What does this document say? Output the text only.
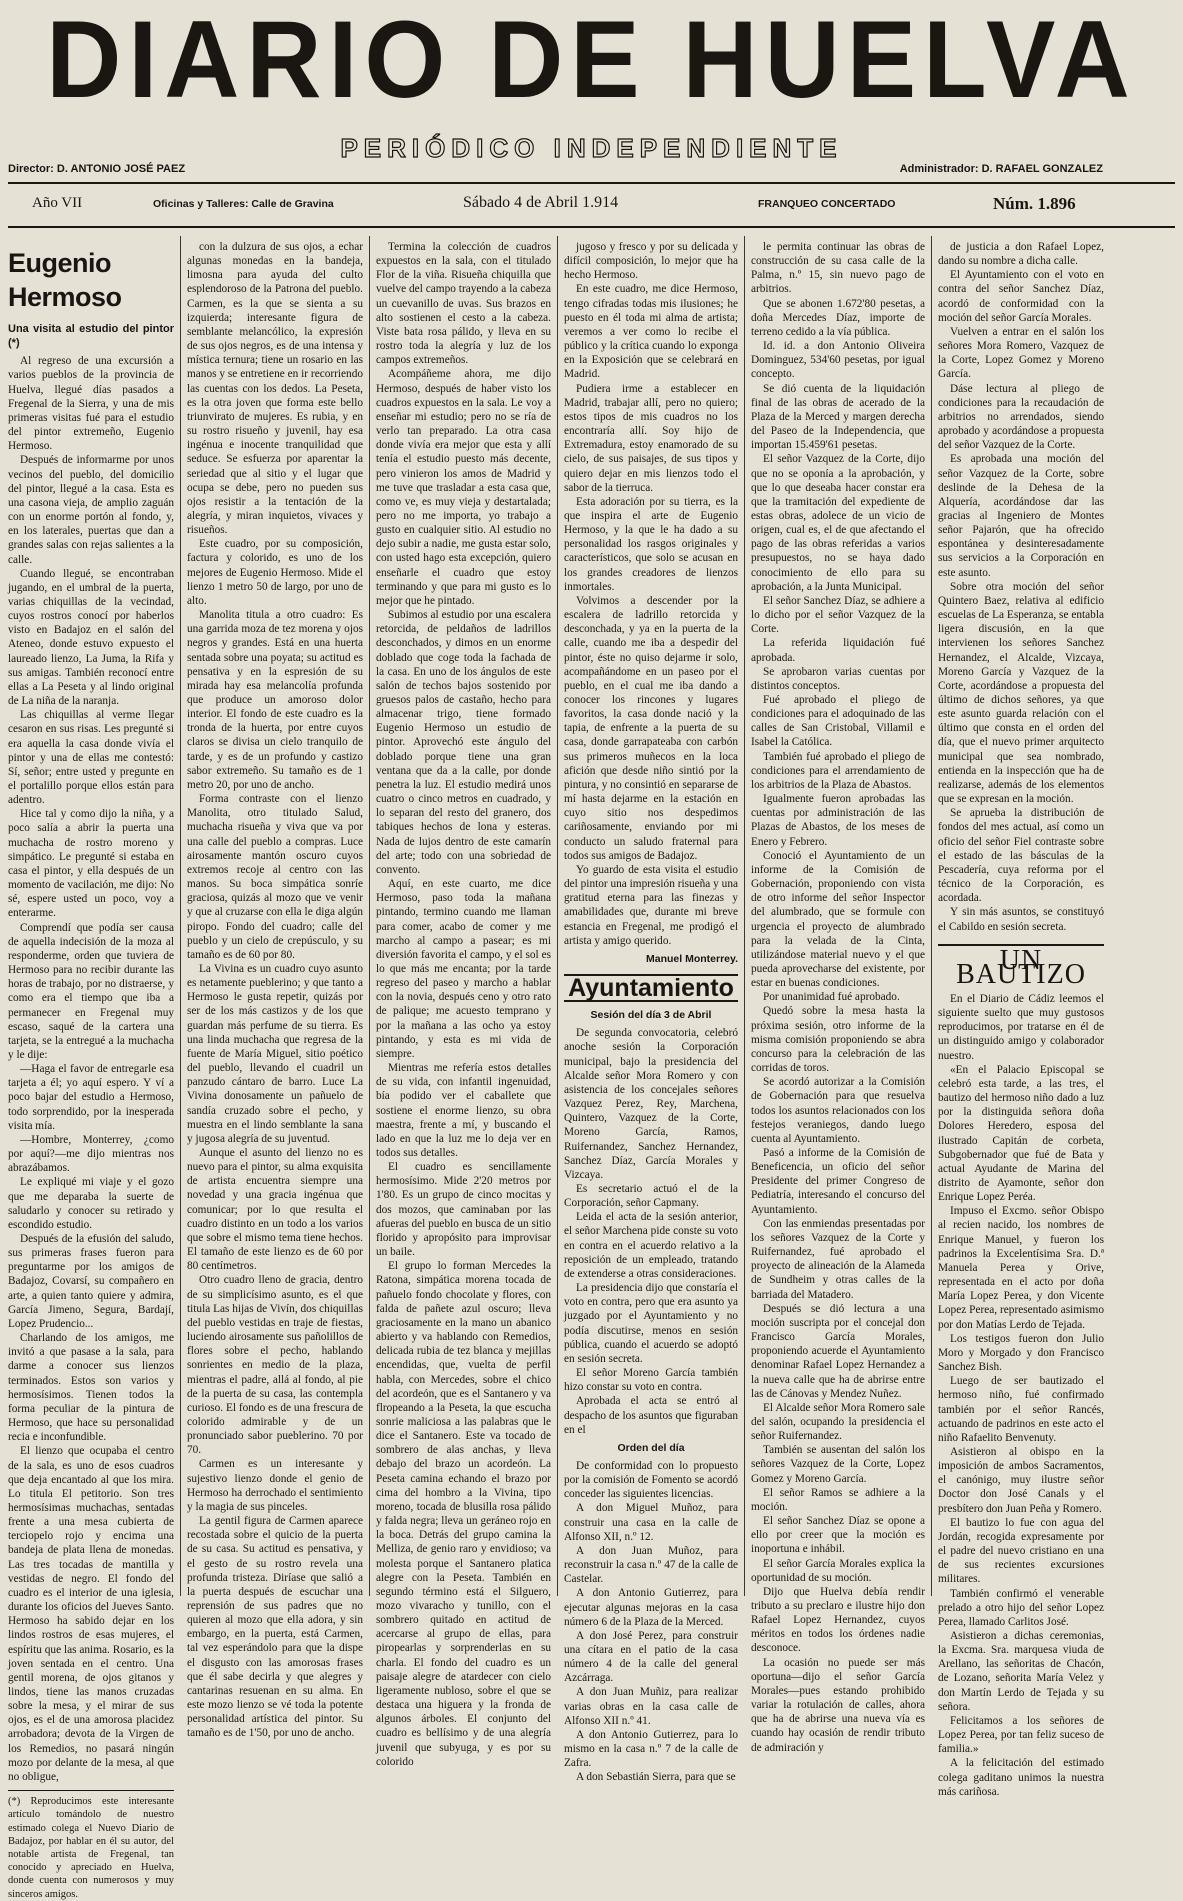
DIARIO DE HUELVA
PERIÓDICO INDEPENDIENTE
Director: D. ANTONIO JOSÉ PAEZ	Administrador: D. RAFAEL GONZALEZ
Año VII	Oficinas y Talleres: Calle de Gravina	Sábado 4 de Abril 1.914	FRANQUEO CONCERTADO	Núm. 1.896
Eugenio Hermoso
Una visita al estudio del pintor (*)

Al regreso de una excursión a varios pueblos de la provincia de Huelva, llegué días pasados a Fregenal de la Sierra, y una de mis primeras visitas fué para el estudio del pintor extremeño, Eugenio Hermoso.

Después de informarme por unos vecinos del pueblo, del domicilio del pintor, llegué a la casa. Esta es una casona vieja, de amplio zaguán con un enorme portón al fondo, y, en los laterales, puertas que dan a grandes salas con rejas salientes a la calle.

Cuando llegué, se encontraban jugando, en el umbral de la puerta, varias chiquillas de la vecindad, cuyos rostros conocí por haberlos visto en Badajoz en el salón del Ateneo, donde estuvo expuesto el laureado lienzo, La Juma, la Rifa y sus amigas. También reconocí entre ellas a La Peseta y al lindo original de La niña de la naranja.

Las chiquillas al verme llegar cesaron en sus risas. Les pregunté si era aquella la casa donde vivía el pintor y una de ellas me contestó: Sí, señor; entre usted y pregunte en el portalillo porque ellos están para adentro.

Hice tal y como dijo la niña, y a poco salía a abrir la puerta una muchacha de rostro moreno y simpático. Le pregunté si estaba en casa el pintor, y ella después de un momento de vacilación, me dijo: No sé, espere usted un poco, voy a enterarme.

Comprendí que podía ser causa de aquella indecisión de la moza al responderme, orden que tuviera de Hermoso para no recibir durante las horas de trabajo, por no distraerse, y como era el tiempo que iba a permanecer en Fregenal muy escaso, saqué de la cartera una tarjeta, se la entregué a la muchacha y le dije:

—Haga el favor de entregarle esa tarjeta a él; yo aquí espero. Y ví a poco bajar del estudio a Hermoso, todo sorprendido, por la inesperada visita mía.

—Hombre, Monterrey, ¿como por aquí?—me dijo mientras nos abrazábamos.

Le expliqué mi viaje y el gozo que me deparaba la suerte de saludarlo y conocer su retirado y escondido estudio.

Después de la efusión del saludo, sus primeras frases fueron para preguntarme por los amigos de Badajoz, Covarsí, su compañero en arte, a quien tanto quiere y admira, García Jimeno, Segura, Bardají, Lopez Prudencio...

Charlando de los amigos, me invitó a que pasase a la sala, para darme a conocer sus lienzos terminados. Estos son varios y hermosísimos. Tienen todos la forma peculiar de la pintura de Hermoso, que hace su personalidad recia e inconfundible.

El lienzo que ocupaba el centro de la sala, es uno de esos cuadros que deja encantado al que los mira. Lo titula El petitorio. Son tres hermosísimas muchachas, sentadas frente a una mesa cubierta de terciopelo rojo y encima una bandeja de plata llena de monedas. Las tres tocadas de mantilla y vestidas de negro. El fondo del cuadro es el interior de una iglesia, durante los oficios del Jueves Santo. Hermoso ha sabido dejar en los lindos rostros de esas mujeres, el espíritu que las anima. Rosario, es la joven sentada en el centro. Una gentil morena, de ojos gitanos y lindos, tiene las manos cruzadas sobre la mesa, y el mirar de sus ojos, es el de una amorosa placidez arrobadora; devota de la Virgen de los Remedios, no pasará ningún mozo por delante de la mesa, al que no obligue,

(*) Reproducimos este interesante artículo tomándolo de nuestro estimado colega el Nuevo Diario de Badajoz, por hablar en él su autor, del notable artista de Fregenal, tan conocido y apreciado en Huelva, donde cuenta con numerosos y muy sinceros amigos.

con la dulzura de sus ojos, a echar algunas monedas en la bandeja, limosna para ayuda del culto esplendoroso de la Patrona del pueblo. Carmen, es la que se sienta a su izquierda; interesante figura de semblante melancólico, la expresión de sus ojos negros, es de una intensa y mística ternura; tiene un rosario en las manos y se entretiene en ir recorriendo las cuentas con los dedos. La Peseta, es la otra joven que forma este bello triunvirato de mujeres. Es rubia, y en su rostro risueño y juvenil, hay esa ingénua e inocente tranquilidad que seduce. Se esfuerza por aparentar la seriedad que al sitio y el lugar que ocupa se debe, pero no pueden sus ojos resistir a la tentación de la alegría, y miran inquietos, vivaces y risueños.

Este cuadro, por su composición, factura y colorido, es uno de los mejores de Eugenio Hermoso. Mide el lienzo 1 metro 50 de largo, por uno de alto.

Manolita titula a otro cuadro: Es una garrida moza de tez morena y ojos negros y grandes. Está en una huerta sentada sobre una poyata; su actitud es pensativa y en la espresión de su mirada hay esa melancolía profunda que produce un amoroso dolor interior. El fondo de este cuadro es la tronda de la huerta, por entre cuyos claros se divisa un cielo tranquilo de tarde, y es de un profundo y castizo sabor extremeño. Su tamaño es de 1 metro 20, por uno de ancho.

Forma contraste con el lienzo Manolita, otro titulado Salud, muchacha risueña y viva que va por una calle del pueblo a compras. Luce airosamente mantón oscuro cuyos extremos recoje al centro con las manos. Su boca simpática sonríe graciosa, quizás al mozo que ve venir y que al cruzarse con ella le diga algún piropo. Fondo del cuadro; calle del pueblo y un cielo de crepúsculo, y su tamaño es de 60 por 80.

La Vivina es un cuadro cuyo asunto es netamente pueblerino; y que tanto a Hermoso le gusta repetir, quizás por ser de los más castizos y de los que guardan más perfume de su tierra. Es una linda muchacha que regresa de la fuente de María Miguel, sitio poético del pueblo, llevando el cuadril un panzudo cántaro de barro. Luce La Vivina donosamente un pañuelo de sandía cruzado sobre el pecho, y muestra en el lindo semblante la sana y jugosa alegría de su juventud.

Aunque el asunto del lienzo no es nuevo para el pintor, su alma exquisita de artista encuentra siempre una novedad y una gracia ingénua que comunicar; por lo que resulta el cuadro distinto en un todo a los varios que sobre el mismo tema tiene hechos. El tamaño de este lienzo es de 60 por 80 centímetros.

Otro cuadro lleno de gracia, dentro de su simplicísimo asunto, es el que titula Las hijas de Vivín, dos chiquillas del pueblo vestidas en traje de fiestas, luciendo airosamente sus pañolillos de flores sobre el pecho, hablando sonrientes en medio de la plaza, mientras el padre, allá al fondo, al pie de la puerta de su casa, las contempla curioso. El fondo es de una frescura de colorido admirable y de un pronunciado sabor pueblerino. 70 por 70.

Carmen es un interesante y sujestivo lienzo donde el genio de Hermoso ha derrochado el sentimiento y la magia de sus pinceles.

La gentil figura de Carmen aparece recostada sobre el quicio de la puerta de su casa. Su actitud es pensativa, y el gesto de su rostro revela una profunda tristeza. Diríase que salió a la puerta después de escuchar una reprensión de sus padres que no quieren al mozo que ella adora, y sin embargo, en la puerta, está Carmen, tal vez esperándolo para que la dispe el disgusto con las amorosas frases que él sabe decirla y que alegres y cantarinas resuenan en su alma. En este mozo lienzo se vé toda la potente personalidad artística del pintor. Su tamaño es de 1'50, por uno de ancho.

Termina la colección de cuadros expuestos en la sala, con el titulado Flor de la viña. Risueña chiquilla que vuelve del campo trayendo a la cabeza un cuevanillo de uvas. Sus brazos en alto sostienen el cesto a la cabeza. Viste bata rosa pálido, y lleva en su rostro toda la alegría y luz de los campos extremeños.

Acompáñeme ahora, me dijo Hermoso, después de haber visto los cuadros expuestos en la sala. Le voy a enseñar mi estudio; pero no se ría de verlo tan preparado. La otra casa donde vivía era mejor que esta y allí tenía el estudio puesto más decente, pero vinieron los amos de Madrid y me tuve que trasladar a esta casa que, como ve, es muy vieja y destartalada; pero no me importa, yo trabajo a gusto en cualquier sitio. Al estudio no dejo subir a nadie, me gusta estar solo, con usted hago esta excepción, quiero enseñarle el cuadro que estoy terminando y que para mi gusto es lo mejor que he pintado.

Subimos al estudio por una escalera retorcida, de peldaños de ladrillos desconchados, y dimos en un enorme doblado que coge toda la fachada de la casa. En uno de los ángulos de este salón de techos bajos sostenido por gruesos palos de castaño, hecho para almacenar trigo, tiene formado Eugenio Hermoso un estudio de pintor. Aprovechó este ángulo del doblado porque tiene una gran ventana que da a la calle, por donde penetra la luz. El estudio medirá unos cuatro o cinco metros en cuadrado, y lo separan del resto del granero, dos tabiques hechos de lona y esteras. Nada de lujos dentro de este camarín del arte; todo con una sobriedad de convento.

Aquí, en este cuarto, me dice Hermoso, paso toda la mañana pintando, termino cuando me llaman para comer, acabo de comer y me marcho al campo a pasear; es mi diversión favorita el campo, y el sol es lo que más me encanta; por la tarde regreso del paseo y marcho a hablar con la novia, después ceno y otro rato de palique; me acuesto temprano y por la mañana a las ocho ya estoy pintando, y esta es mi vida de siempre.

Mientras me refería estos detalles de su vida, con infantil ingenuidad, bía podido ver el caballete que sostiene el enorme lienzo, su obra maestra, frente a mí, y buscando el lado en que la luz me lo deja ver en todos sus detalles.

El cuadro es sencillamente hermosísimo. Mide 2'20 metros por 1'80. Es un grupo de cinco mocitas y dos mozos, que caminaban por las afueras del pueblo en busca de un sitio florido y apropósito para improvisar un baile.

El grupo lo forman Mercedes la Ratona, simpática morena tocada de pañuelo fondo chocolate y flores, con falda de pañete azul oscuro; lleva graciosamente en la mano un abanico abierto y va hablando con Remedios, delicada rubia de tez blanca y mejillas encendidas, que, vuelta de perfil habla, con Mercedes, sobre el chico del acordeón, que es el Santanero y va flropeando a la Peseta, la que escucha sonrie maliciosa a las palabras que le dice el Santanero. Este va tocado de sombrero de alas anchas, y lleva debajo del brazo un acordeón. La Peseta camina echando el brazo por cima del hombro a la Vivina, tipo moreno, tocada de blusilla rosa pálido y falda negra; lleva un geráneo rojo en la boca. Detrás del grupo camina la Melliza, de genio raro y envidioso; va molesta porque el Santanero platica alegre con la Peseta. También en segundo término está el Silguero, mozo vivaracho y tunillo, con el sombrero quitado en actitud de acercarse al grupo de ellas, para piropearlas y sorprenderlas en su charla. El fondo del cuadro es un paisaje alegre de atardecer con cielo ligeramente nubloso, sobre el que se destaca una higuera y la fronda de algunos árboles. El conjunto del cuadro es bellísimo y de una alegría juvenil que subyuga, y es por su colorido

jugoso y fresco y por su delicada y difícil composición, lo mejor que ha hecho Hermoso.

En este cuadro, me dice Hermoso, tengo cifradas todas mis ilusiones; he puesto en él toda mi alma de artista; veremos a ver como lo recibe el público y la crítica cuando lo exponga en la Exposición que se celebrará en Madrid.

Pudiera irme a establecer en Madrid, trabajar allí, pero no quiero; estos tipos de mis cuadros no los encontraría allí. Soy hijo de Extremadura, estoy enamorado de su cielo, de sus paisajes, de sus tipos y quiero dejar en mis lienzos todo el sabor de la tierruca.

Esta adoración por su tierra, es la que inspira el arte de Eugenio Hermoso, y la que le ha dado a su personalidad los rasgos originales y característicos, que solo se acusan en los grandes creadores de lienzos inmortales.

Volvimos a descender por la escalera de ladrillo retorcida y desconchada, y ya en la puerta de la calle, cuando me iba a despedir del pintor, éste no quiso dejarme ir solo, acompañándome en un paseo por el pueblo, en el cual me iba dando a conocer los rincones y lugares favoritos, la casa donde nació y la tapia, de enfrente a la puerta de su casa, donde garrapateaba con carbón sus primeros muñecos en la loca afición que desde niño sintió por la pintura, y no consintió en separarse de mí hasta dejarme en la estación en cuyo sitio nos despedimos cariñosamente, enviando por mi conducto un saludo fraternal para todos sus amigos de Badajoz.

Yo guardo de esta visita el estudio del pintor una impresión risueña y una gratitud eterna para las finezas y amabilidades que, durante mi breve estancia en Fregenal, me prodigó el artista y amigo querido.

Manuel Monterrey.
Ayuntamiento
Sesión del día 3 de Abril

De segunda convocatoria, celebró anoche sesión la Corporación municipal, bajo la presidencia del Alcalde señor Mora Romero y con asistencia de los concejales señores Vazquez Perez, Rey, Marchena, Quintero, Vazquez de la Corte, Moreno García, Ramos, Ruifernandez, Sanchez Hernandez, Sanchez Díaz, García Morales y Vizcaya.

Es secretario actuó el de la Corporación, señor Capmany.

Leida el acta de la sesión anterior, el señor Marchena pide conste su voto en contra en el acuerdo relativo a la reposición de un empleado, tratando de extenderse a otras consideraciones.

La presidencia dijo que constaría el voto en contra, pero que era asunto ya juzgado por el Ayuntamiento y no podía discutirse, menos en sesión pública, cuando el acuerdo se adoptó en sesión secreta.

El señor Moreno García también hizo constar su voto en contra.

Aprobada el acta se entró al despacho de los asuntos que figuraban en el

Orden del día

De conformidad con lo propuesto por la comisión de Fomento se acordó conceder las siguientes licencias.

A don Miguel Muñoz, para construir una casa en la calle de Alfonso XII, n.º 12.

A don Juan Muñoz, para reconstruir la casa n.º 47 de la calle de Castelar.

A don Antonio Gutierrez, para ejecutar algunas mejoras en la casa número 6 de la Plaza de la Merced.

A don José Perez, para construir una cítara en el patio de la casa número 4 de la calle del general Azcárraga.

A don Juan Muñiz, para realizar varias obras en la casa calle de Alfonso XII n.º 41.

A don Antonio Gutierrez, para lo mismo en la casa n.º 7 de la calle de Zafra.

A don Sebastián Sierra, para que se

le permita continuar las obras de construcción de su casa calle de la Palma, n.º 15, sin nuevo pago de arbitrios.

Que se abonen 1.672'80 pesetas, a doña Mercedes Díaz, importe de terreno cedido a la vía pública.

Id. id. a don Antonio Oliveira Dominguez, 534'60 pesetas, por igual concepto.

Se dió cuenta de la liquidación final de las obras de acerado de la Plaza de la Merced y margen derecha del Paseo de la Independencia, que importan 15.459'61 pesetas.

El señor Vazquez de la Corte, dijo que no se oponía a la aprobación, y que lo que deseaba hacer constar era que la tramitación del expediente de estas obras, adolece de un vicio de origen, cual es, el de que afectando el pago de las obras referidas a varios presupuestos, no se haya dado conocimiento de ello para su aprobación, a la Junta Municipal.

El señor Sanchez Díaz, se adhiere a lo dicho por el señor Vazquez de la Corte.

La referida liquidación fué aprobada.

Se aprobaron varias cuentas por distintos conceptos.

Fué aprobado el pliego de condiciones para el adoquinado de las calles de San Cristobal, Villamil e Isabel la Católica.

También fué aprobado el pliego de condiciones para el arrendamiento de los arbitrios de la Plaza de Abastos.

Igualmente fueron aprobadas las cuentas por administración de las Plazas de Abastos, de los meses de Enero y Febrero.

Conoció el Ayuntamiento de un informe de la Comisión de Gobernación, proponiendo con vista de otro informe del señor Inspector del alumbrado, que se formule con urgencia el proyecto de alumbrado para la velada de la Cinta, utilizándose material nuevo y el que pueda aprovecharse del existente, por estar en buenas condiciones.

Por unanimidad fué aprobado.

Quedó sobre la mesa hasta la próxima sesión, otro informe de la misma comisión proponiendo se abra concurso para la celebración de las corridas de toros.

Se acordó autorizar a la Comisión de Gobernación para que resuelva todos los asuntos relacionados con los festejos veraniegos, dando luego cuenta al Ayuntamiento.

Pasó a informe de la Comisión de Beneficencia, un oficio del señor Presidente del primer Congreso de Pediatría, interesando el concurso del Ayuntamiento.

Con las enmiendas presentadas por los señores Vazquez de la Corte y Ruifernandez, fué aprobado el proyecto de alineación de la Alameda de Sundheim y otras calles de la barriada del Matadero.

Después se dió lectura a una moción suscripta por el concejal don Francisco García Morales, proponiendo acuerde el Ayuntamiento denominar Rafael Lopez Hernandez a la nueva calle que ha de abrirse entre las de Cánovas y Mendez Nuñez.

El Alcalde señor Mora Romero sale del salón, ocupando la presidencia el señor Ruifernandez.

También se ausentan del salón los señores Vazquez de la Corte, Lopez Gomez y Moreno García.

El señor Ramos se adhiere a la moción.

El señor Sanchez Díaz se opone a ello por creer que la moción es inoportuna e inhábil.

El señor García Morales explica la oportunidad de su moción.

Dijo que Huelva debía rendir tributo a su preclaro e ilustre hijo don Rafael Lopez Hernandez, cuyos méritos en todos los órdenes nadie desconoce.

La ocasión no puede ser más oportuna—dijo el señor García Morales—pues estando prohibido variar la rotulación de calles, ahora que ha de abrirse una nueva vía es cuando hay ocasión de rendir tributo de admiración y

de justicia a don Rafael Lopez, dando su nombre a dicha calle.

El Ayuntamiento con el voto en contra del señor Sanchez Díaz, acordó de conformidad con la moción del señor García Morales.

Vuelven a entrar en el salón los señores Mora Romero, Vazquez de la Corte, Lopez Gomez y Moreno García.

Dáse lectura al pliego de condiciones para la recaudación de arbitrios no arrendados, siendo aprobado y acordándose a propuesta del señor Vazquez de la Corte.

Es aprobada una moción del señor Vazquez de la Corte, sobre deslinde de la Dehesa de la Alquería, acordándose dar las gracias al Ingeniero de Montes señor Pajarón, que ha ofrecido espontánea y desinteresadamente sus servicios a la Corporación en este asunto.

Sobre otra moción del señor Quintero Baez, relativa al edificio escuelas de La Esperanza, se entabla ligera discusión, en la que intervienen los señores Sanchez Hernandez, el Alcalde, Vizcaya, Moreno García y Vazquez de la Corte, acordándose a propuesta del último de dichos señores, ya que este asunto guarda relación con el último que consta en el orden del día, que el nuevo primer arquitecto municipal que sea nombrado, entienda en la inspección que ha de realizarse, además de los elementos que se expresan en la moción.

Se aprueba la distribución de fondos del mes actual, así como un oficio del señor Fiel contraste sobre el estado de las básculas de la Pescadería, cuya reforma por el técnico de la Corporación, es acordada.

Y sin más asuntos, se constituyó el Cabildo en sesión secreta.

UN BAUTIZO

En el Diario de Cádiz leemos el siguiente suelto que muy gustosos reproducimos, por tratarse en él de un distinguido amigo y colaborador nuestro.

«En el Palacio Episcopal se celebró esta tarde, a las tres, el bautizo del hermoso niño dado a luz por la distinguida señora doña Dolores Heredero, esposa del ilustrado Capitán de corbeta, Subgobernador que fué de Bata y actual Ayudante de Marina del distrito de Ayamonte, señor don Enrique Lopez Peréa.

Impuso el Excmo. señor Obispo al recien nacido, los nombres de Enrique Manuel, y fueron los padrinos la Excelentísima Sra. D.ª Manuela Perea y Orive, representada en el acto por doña María Lopez Perea, y don Vicente Lopez Perea, representado asimismo por don Matías Lerdo de Tejada.

Los testigos fueron don Julio Moro y Morgado y don Francisco Sanchez Bish.

Luego de ser bautizado el hermoso niño, fué confirmado también por el señor Rancés, actuando de padrinos en este acto el niño Rafaelito Benvenuty.

Asistieron al obispo en la imposición de ambos Sacramentos, el canónigo, muy ilustre señor Doctor don José Canals y el presbítero don Juan Peña y Romero.

El bautizo lo fue con agua del Jordán, recogida expresamente por el padre del nuevo cristiano en una de sus recientes excursiones militares.

También confirmó el venerable prelado a otro hijo del señor Lopez Perea, llamado Carlitos José.

Asistieron a dichas ceremonias, la Excma. Sra. marquesa viuda de Arellano, las señoritas de Chacón, de Lozano, señorita María Velez y don Martín Lerdo de Tejada y su señora.

Felicitamos a los señores de Lopez Perea, por tan feliz suceso de familia.»

A la felicitación del estimado colega gaditano unimos la nuestra más cariñosa.
